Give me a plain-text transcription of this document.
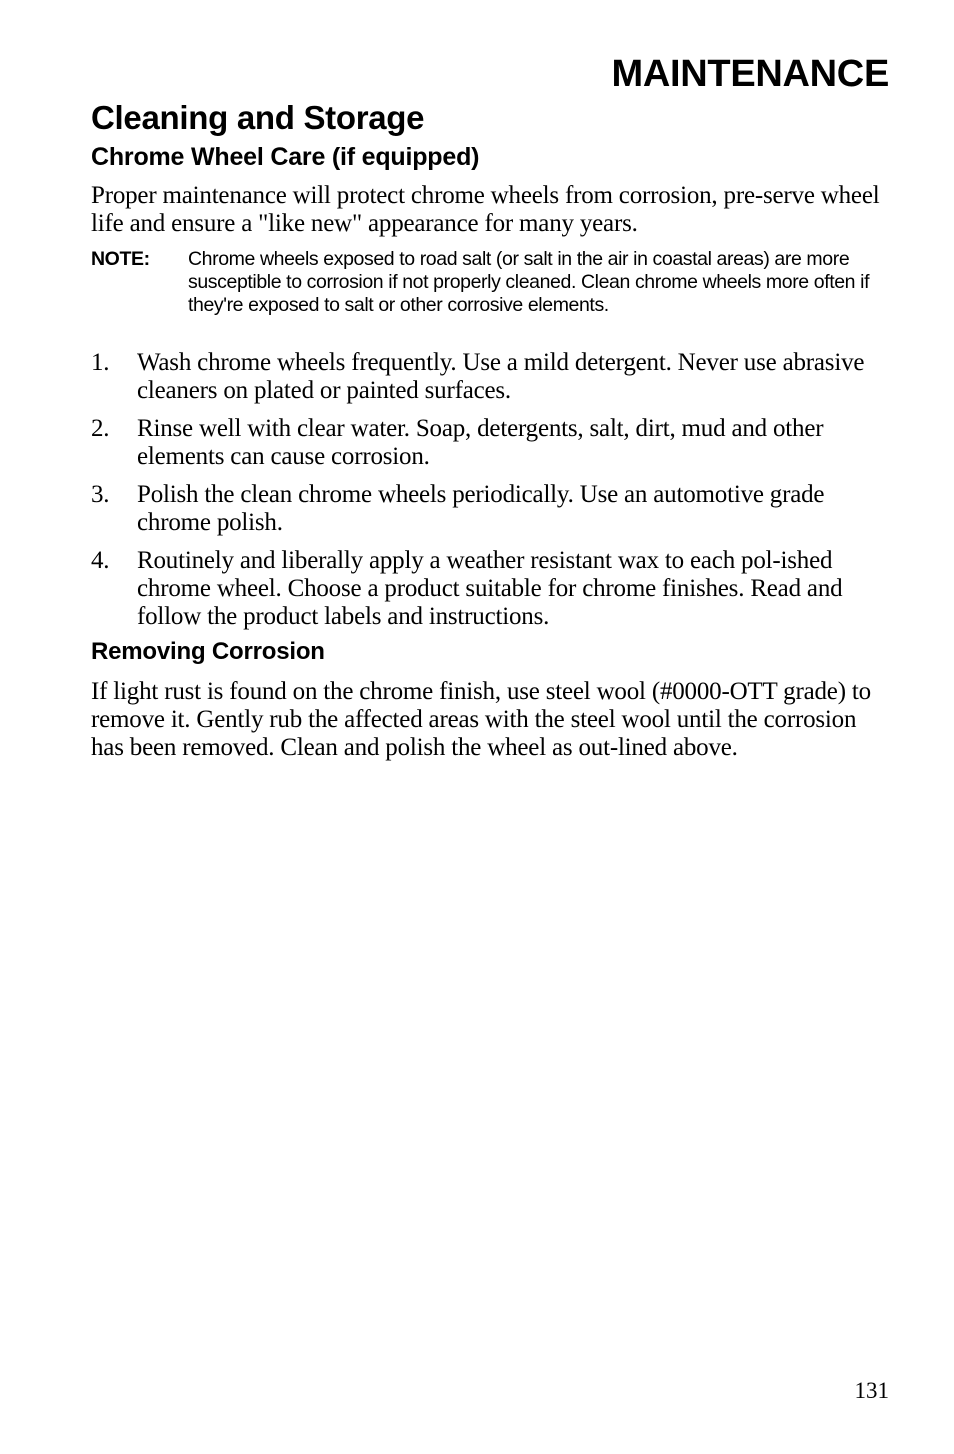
MAINTENANCE
Cleaning and Storage
Chrome Wheel Care (if equipped)

Proper maintenance will protect chrome wheels from corrosion, pre-serve wheel life and ensure a "like new" appearance for many years.

NOTE: Chrome wheels exposed to road salt (or salt in the air in coastal areas) are more susceptible to corrosion if not properly cleaned. Clean chrome wheels more often if they're exposed to salt or other corrosive elements.
1. Wash chrome wheels frequently. Use a mild detergent. Never use abrasive cleaners on plated or painted surfaces.
2. Rinse well with clear water. Soap, detergents, salt, dirt, mud and other elements can cause corrosion.
3. Polish the clean chrome wheels periodically. Use an automotive grade chrome polish.
4. Routinely and liberally apply a weather resistant wax to each pol-ished chrome wheel. Choose a product suitable for chrome finishes. Read and follow the product labels and instructions.
Removing Corrosion

If light rust is found on the chrome finish, use steel wool (#0000-OTT grade) to remove it. Gently rub the affected areas with the steel wool until the corrosion has been removed. Clean and polish the wheel as out-lined above.

131
